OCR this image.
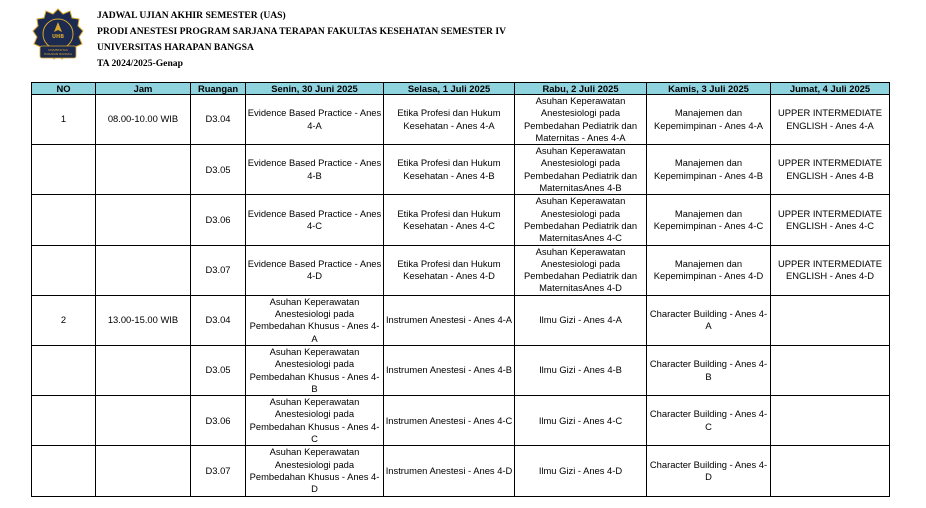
UHB
UNIVERSITAS HARAPAN BANGSA
JADWAL UJIAN AKHIR SEMESTER (UAS)
PRODI ANESTESI PROGRAM SARJANA TERAPAN FAKULTAS KESEHATAN SEMESTER IV
UNIVERSITAS HARAPAN BANGSA
TA 2024/2025-Genap
NO	Jam	Ruangan	Senin, 30 Juni 2025	Selasa, 1 Juli 2025	Rabu, 2 Juli 2025	Kamis, 3 Juli 2025	Jumat, 4 Juli 2025
1	08.00-10.00 WIB	D3.04	Evidence Based Practice - Anes 4-A	Etika Profesi dan Hukum Kesehatan - Anes 4-A	Asuhan Keperawatan Anestesiologi pada Pembedahan Pediatrik dan Maternitas - Anes 4-A	Manajemen dan Kepemimpinan - Anes 4-A	UPPER INTERMEDIATE ENGLISH - Anes 4-A
		D3.05	Evidence Based Practice - Anes 4-B	Etika Profesi dan Hukum Kesehatan - Anes 4-B	Asuhan Keperawatan Anestesiologi pada Pembedahan Pediatrik dan MaternitasAnes 4-B	Manajemen dan Kepemimpinan - Anes 4-B	UPPER INTERMEDIATE ENGLISH - Anes 4-B
		D3.06	Evidence Based Practice - Anes 4-C	Etika Profesi dan Hukum Kesehatan - Anes 4-C	Asuhan Keperawatan Anestesiologi pada Pembedahan Pediatrik dan MaternitasAnes 4-C	Manajemen dan Kepemimpinan - Anes 4-C	UPPER INTERMEDIATE ENGLISH - Anes 4-C
		D3.07	Evidence Based Practice - Anes 4-D	Etika Profesi dan Hukum Kesehatan - Anes 4-D	Asuhan Keperawatan Anestesiologi pada Pembedahan Pediatrik dan MaternitasAnes 4-D	Manajemen dan Kepemimpinan - Anes 4-D	UPPER INTERMEDIATE ENGLISH - Anes 4-D
2	13.00-15.00 WIB	D3.04	Asuhan Keperawatan Anestesiologi pada Pembedahan Khusus - Anes 4-A	Instrumen Anestesi - Anes 4-A	Ilmu Gizi - Anes 4-A	Character Building - Anes 4-A	
		D3.05	Asuhan Keperawatan Anestesiologi pada Pembedahan Khusus - Anes 4-B	Instrumen Anestesi - Anes 4-B	Ilmu Gizi - Anes 4-B	Character Building - Anes 4-B	
		D3.06	Asuhan Keperawatan Anestesiologi pada Pembedahan Khusus - Anes 4-C	Instrumen Anestesi - Anes 4-C	Ilmu Gizi - Anes 4-C	Character Building - Anes 4-C	
		D3.07	Asuhan Keperawatan Anestesiologi pada Pembedahan Khusus - Anes 4-D	Instrumen Anestesi - Anes 4-D	Ilmu Gizi - Anes 4-D	Character Building - Anes 4-D	
